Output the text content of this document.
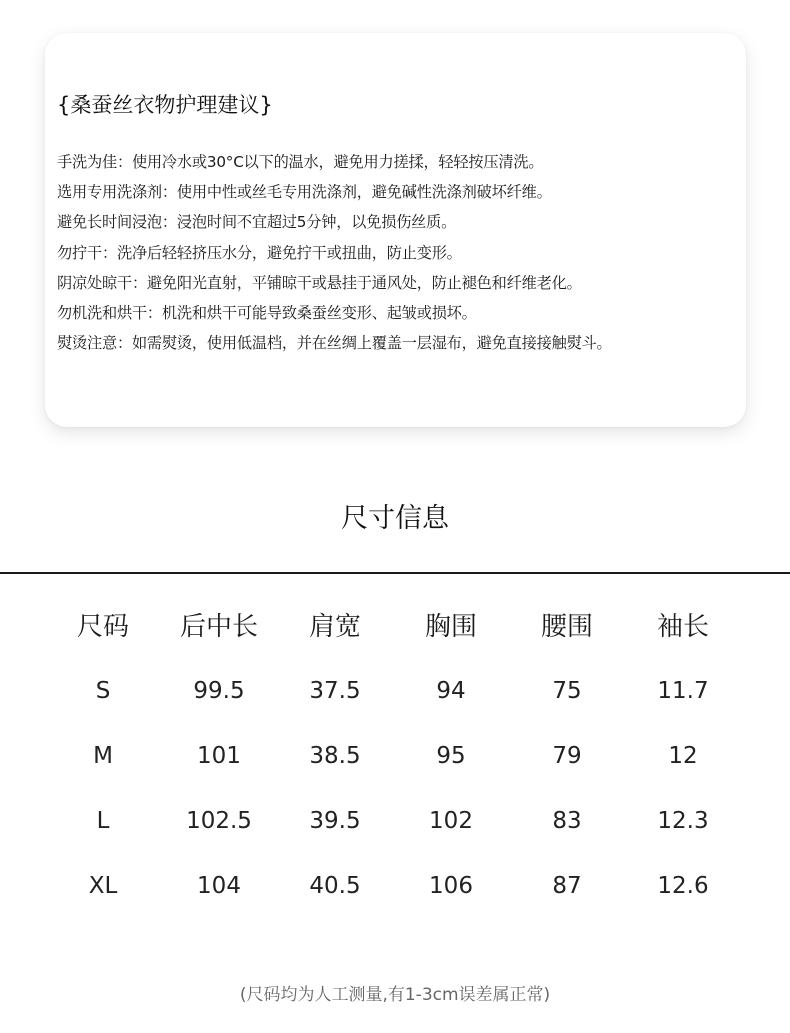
{桑蚕丝衣物护理建议}
手洗为佳：使用冷水或30°C以下的温水，避免用力搓揉，轻轻按压清洗。
选用专用洗涤剂：使用中性或丝毛专用洗涤剂，避免碱性洗涤剂破坏纤维。
避免长时间浸泡：浸泡时间不宜超过5分钟，以免损伤丝质。
勿拧干：洗净后轻轻挤压水分，避免拧干或扭曲，防止变形。
阴凉处晾干：避免阳光直射，平铺晾干或悬挂于通风处，防止褪色和纤维老化。
勿机洗和烘干：机洗和烘干可能导致桑蚕丝变形、起皱或损坏。
熨烫注意：如需熨烫，使用低温档，并在丝绸上覆盖一层湿布，避免直接接触熨斗。
尺寸信息
尺码	后中长	肩宽	胸围	腰围	袖长
S	99.5	37.5	94	75	11.7
M	101	38.5	95	79	12
L	102.5	39.5	102	83	12.3
XL	104	40.5	106	87	12.6
(尺码均为人工测量,有1-3cm误差属正常)
